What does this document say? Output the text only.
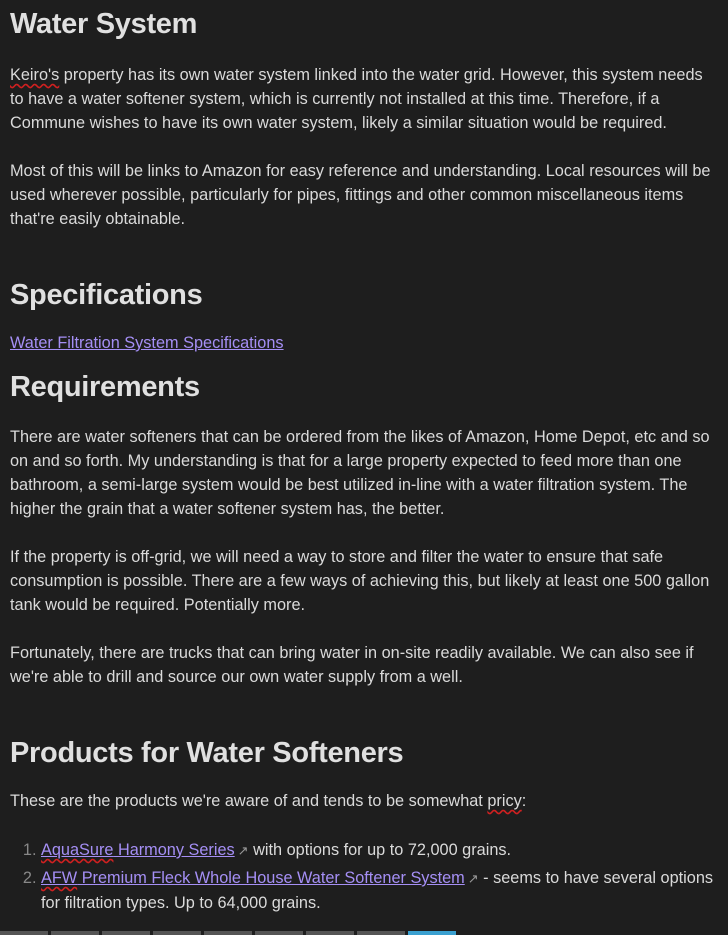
Water System

Keiro's property has its own water system linked into the water grid. However, this system needs to have a water softener system, which is currently not installed at this time. Therefore, if a Commune wishes to have its own water system, likely a similar situation would be required.

Most of this will be links to Amazon for easy reference and understanding. Local resources will be used wherever possible, particularly for pipes, fittings and other common miscellaneous items that're easily obtainable.

Specifications

Water Filtration System Specifications

Requirements

There are water softeners that can be ordered from the likes of Amazon, Home Depot, etc and so on and so forth. My understanding is that for a large property expected to feed more than one bathroom, a semi-large system would be best utilized in-line with a water filtration system. The higher the grain that a water softener system has, the better.

If the property is off-grid, we will need a way to store and filter the water to ensure that safe consumption is possible. There are a few ways of achieving this, but likely at least one 500 gallon tank would be required. Potentially more.

Fortunately, there are trucks that can bring water in on-site readily available. We can also see if we're able to drill and source our own water supply from a well.

Products for Water Softeners

These are the products we're aware of and tends to be somewhat pricy:

1. AquaSure Harmony Series ↗ with options for up to 72,000 grains.
2. AFW Premium Fleck Whole House Water Softener System ↗ - seems to have several options for filtration types. Up to 64,000 grains.
